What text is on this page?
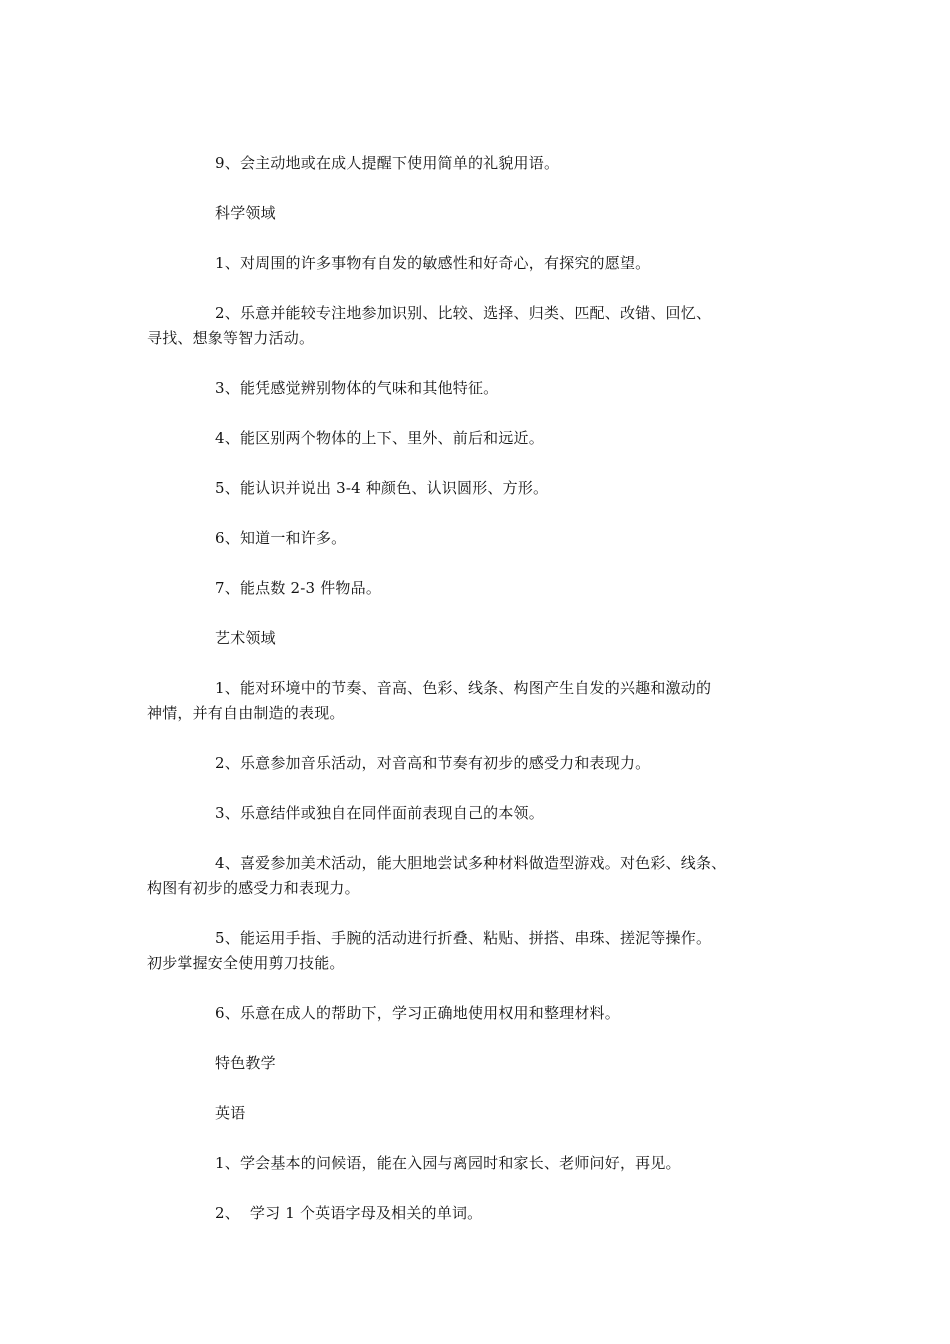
9、会主动地或在成人提醒下使用简单的礼貌用语。

科学领域

1、对周围的许多事物有自发的敏感性和好奇心，有探究的愿望。

2、乐意并能较专注地参加识别、比较、选择、归类、匹配、改错、回忆、
寻找、想象等智力活动。

3、能凭感觉辨别物体的气味和其他特征。

4、能区别两个物体的上下、里外、前后和远近。

5、能认识并说出 3-4 种颜色、认识圆形、方形。

6、知道一和许多。

7、能点数 2-3 件物品。

艺术领域

1、能对环境中的节奏、音高、色彩、线条、构图产生自发的兴趣和激动的
神情，并有自由制造的表现。

2、乐意参加音乐活动，对音高和节奏有初步的感受力和表现力。

3、乐意结伴或独自在同伴面前表现自己的本领。

4、喜爱参加美术活动，能大胆地尝试多种材料做造型游戏。对色彩、线条、
构图有初步的感受力和表现力。

5、能运用手指、手腕的活动进行折叠、粘贴、拼搭、串珠、搓泥等操作。
初步掌握安全使用剪刀技能。

6、乐意在成人的帮助下，学习正确地使用权用和整理材料。

特色教学

英语

1、学会基本的问候语，能在入园与离园时和家长、老师问好，再见。

2、  学习 1 个英语字母及相关的单词。
